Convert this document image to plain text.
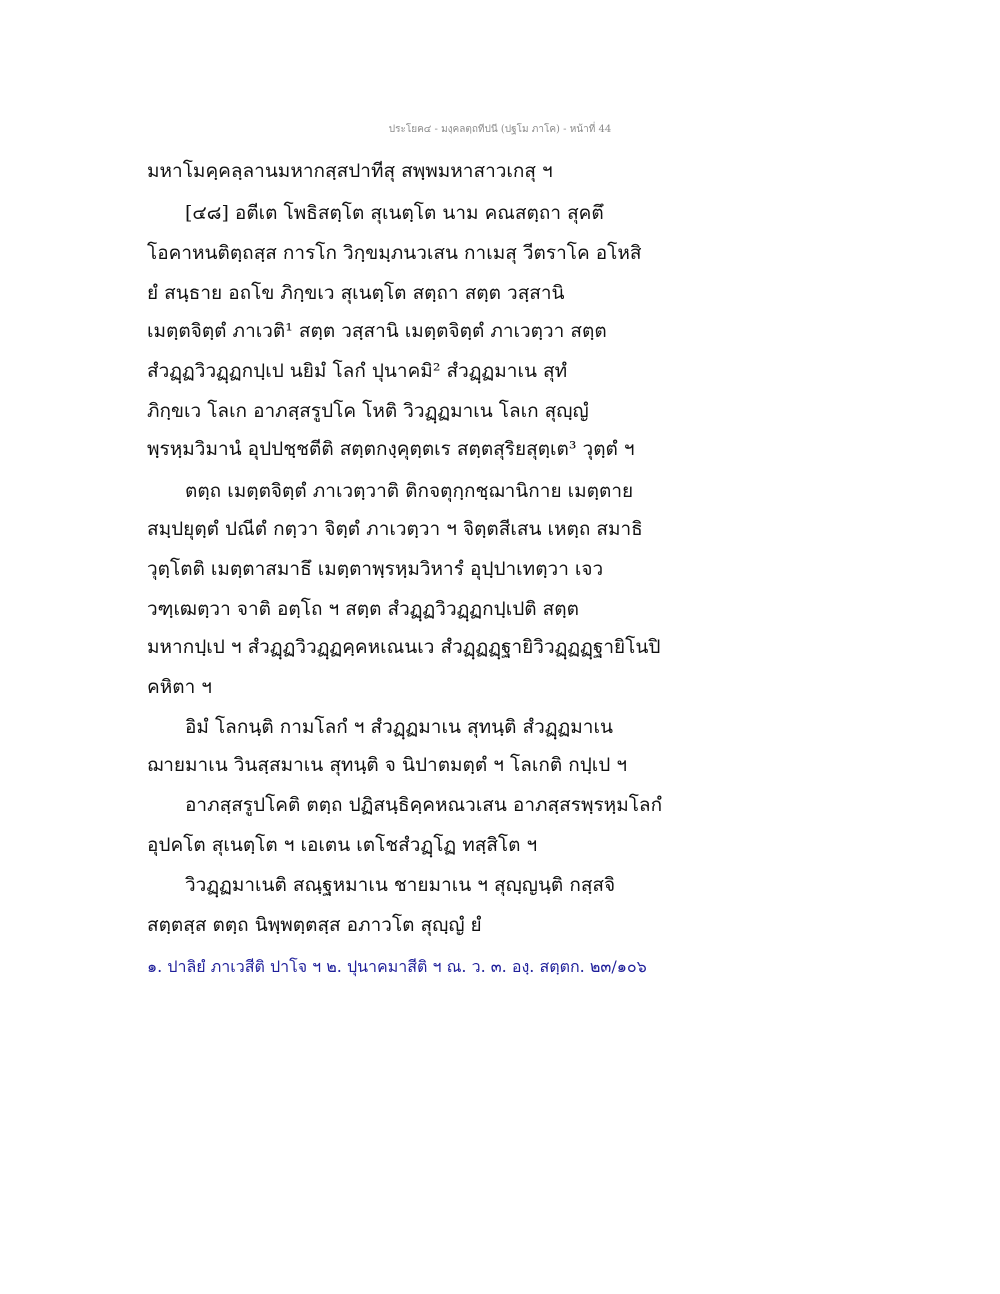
ประโยค๔ - มงฺคลตฺถทีปนี (ปฐโม ภาโค) - หน้าที่ 44
มหาโมคฺคลฺลานมหากสฺสปาทีสุ สพฺพมหาสาวเกสุ ฯ
[๔๘] อตีเต โพธิสตฺโต สุเนตฺโต นาม คณสตฺถา สุคตึ
โอคาหนติตฺถสฺส การโก วิกฺขมฺภนวเสน กาเมสุ วีตราโค อโหสิ
ยํ สนฺธาย อถโข ภิกฺขเว สุเนตฺโต สตฺถา สตฺต วสฺสานิ
เมตฺตจิตฺตํ ภาเวติ¹ สตฺต วสฺสานิ เมตฺตจิตฺตํ ภาเวตฺวา สตฺต
สํวฏฺฏวิวฏฺฏกปฺเป นยิมํ โลกํ ปุนาคมิ² สํวฏฺฏมาเน สุทํ
ภิกฺขเว โลเก อาภสฺสรูปโค โหติ วิวฏฺฏมาเน โลเก สุญฺญํ
พฺรหฺมวิมานํ อุปปชฺชตีติ สตฺตกงฺคุตฺตเร สตฺตสุริยสุตฺเต³ วุตฺตํ ฯ
ตตฺถ เมตฺตจิตฺตํ ภาเวตฺวาติ ติกจตุกฺกชฺฌานิกาย เมตฺตาย
สมฺปยุตฺตํ ปณีตํ กตฺวา จิตฺตํ ภาเวตฺวา ฯ จิตฺตสีเสน เหตฺถ สมาธิ
วุตฺโตติ เมตฺตาสมาธึ เมตฺตาพฺรหฺมวิหารํ อุปฺปาเทตฺวา เจว
วฑฺเฒตฺวา จาติ อตฺโถ ฯ สตฺต สํวฏฺฏวิวฏฺฏกปฺเปติ สตฺต
มหากปฺเป ฯ สํวฏฺฏวิวฏฺฏคฺคหเณนเว สํวฏฺฏฏฺฐายิวิวฏฺฏฏฺฐายิโนปิ
คหิตา ฯ
อิมํ โลกนฺติ กามโลกํ ฯ สํวฏฺฏมาเน สุทนฺติ สํวฏฺฏมาเน
ฌายมาเน วินสฺสมาเน สุทนฺติ จ นิปาตมตฺตํ ฯ โลเกติ กปฺเป ฯ
อาภสฺสรูปโคติ ตตฺถ ปฏิสนฺธิคฺคหณวเสน อาภสฺสรพฺรหฺมโลกํ
อุปคโต สุเนตฺโต ฯ เอเตน เตโชสํวฏฺโฏ ทสฺสิโต ฯ
วิวฏฺฏมาเนติ สณฺฐหมาเน ชายมาเน ฯ สุญฺญนฺติ กสฺสจิ
สตฺตสฺส ตตฺถ นิพฺพตฺตสฺส อภาวโต สุญฺญํ ยํ
๑. ปาลิยํ ภาเวสีติ ปาโจ ฯ ๒. ปุนาคมาสีติ ฯ ณ. ว. ๓. องฺ. สตฺตก. ๒๓/๑๐๖
